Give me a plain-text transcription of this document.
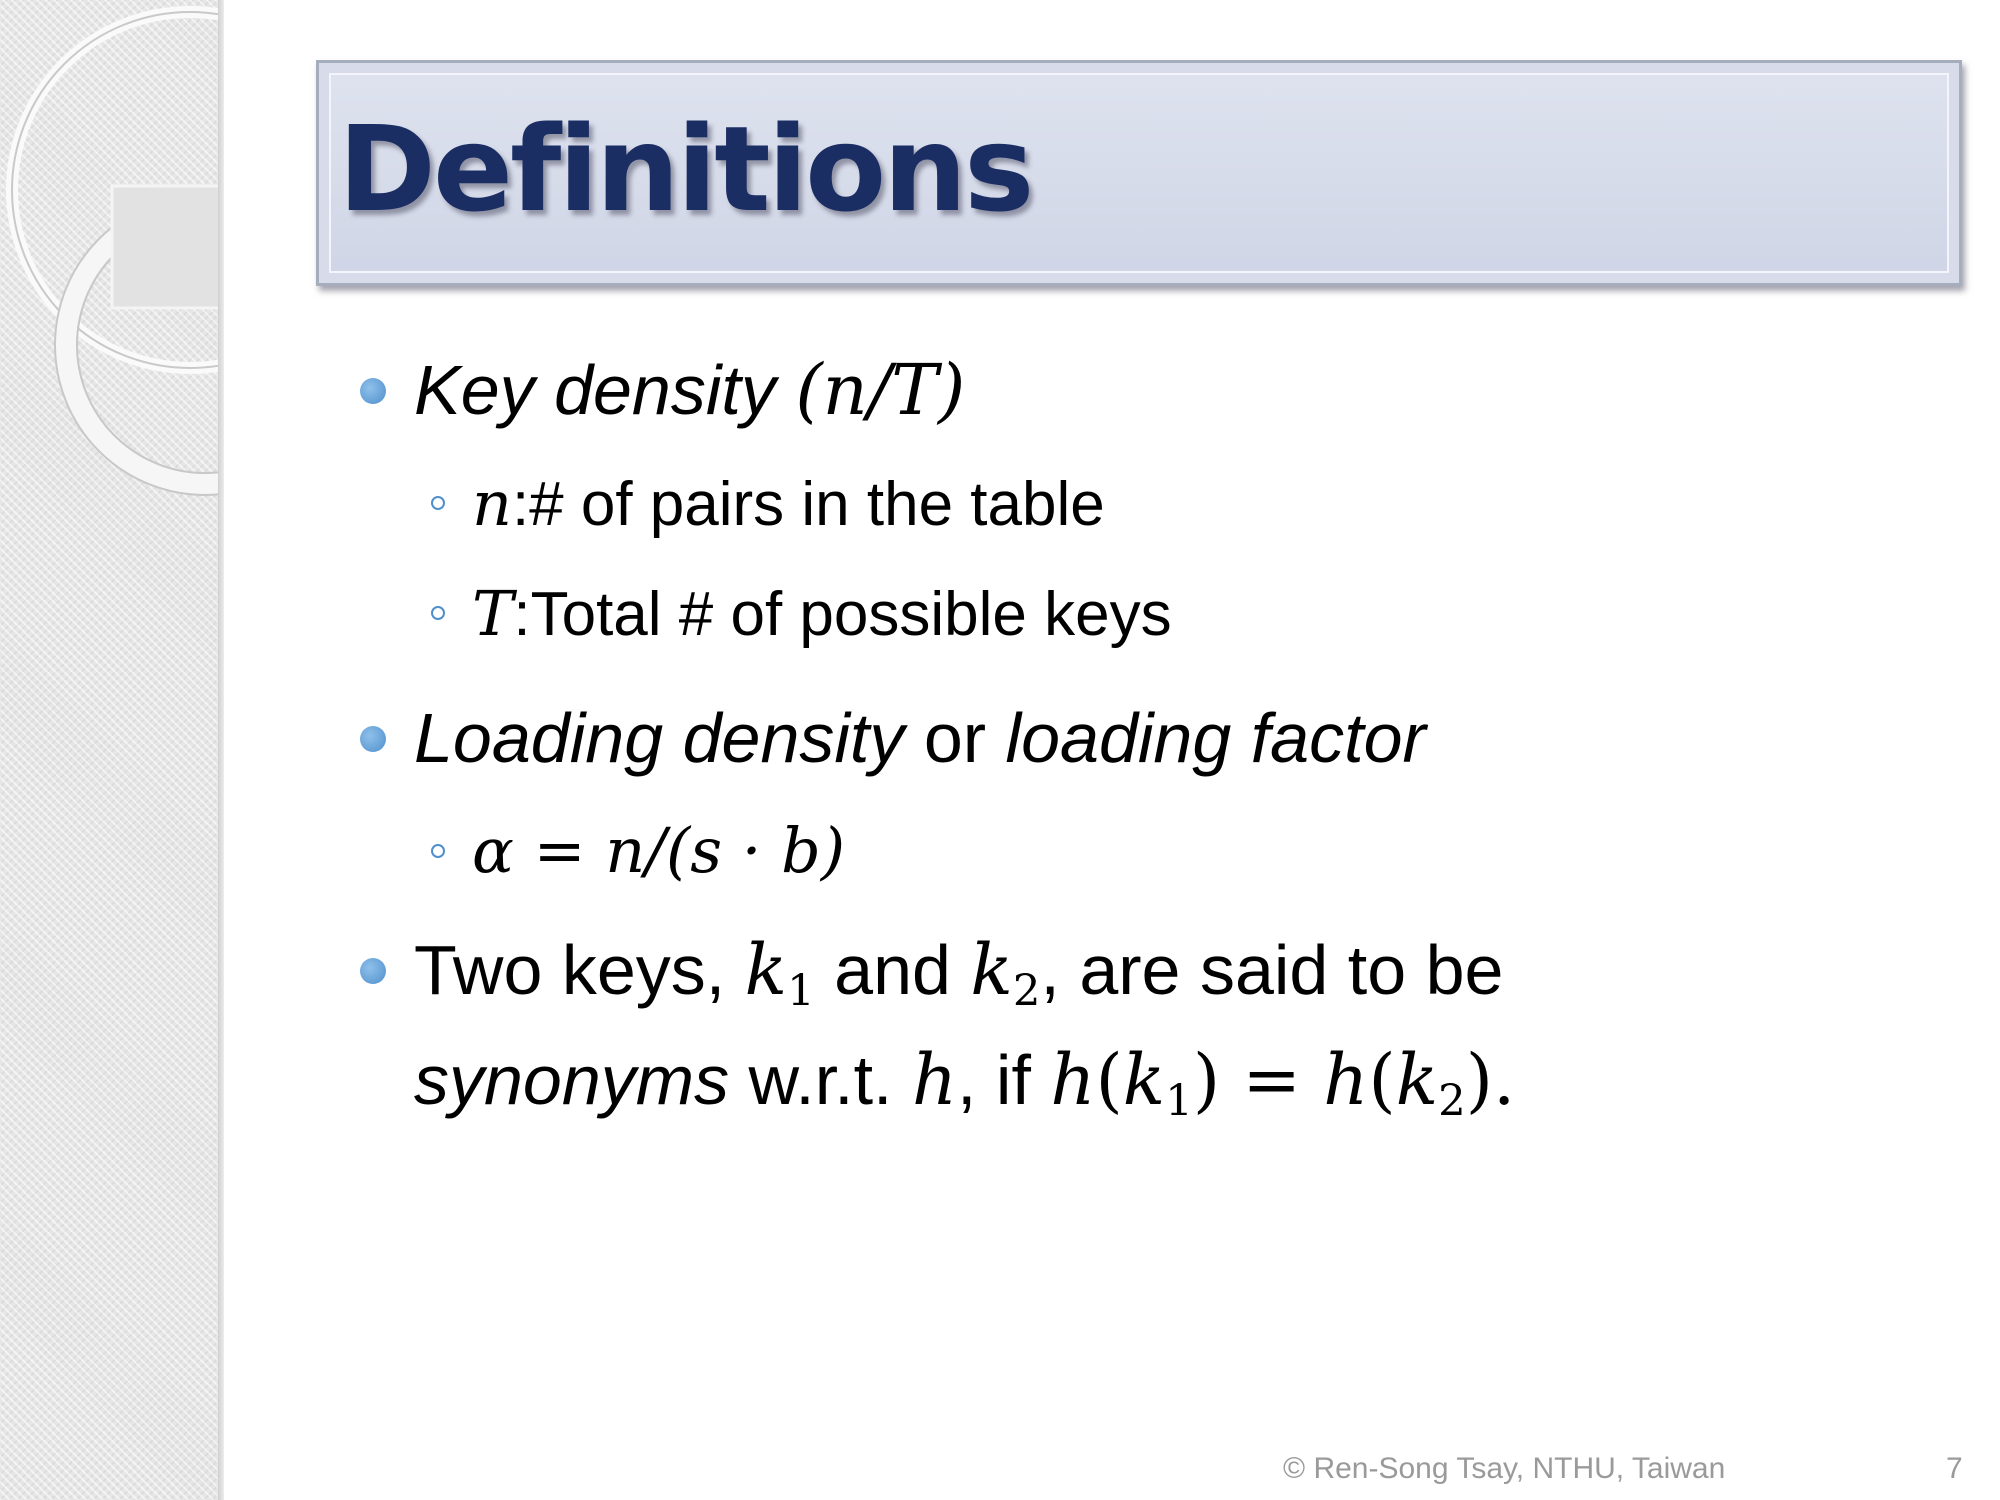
Definitions
Key density (n/T)
n:# of pairs in the table
T:Total # of possible keys
Loading density or loading factor
α = n/(s · b)
Two keys, $k_1$ and $k_2$, are said to be
synonyms w.r.t. h, if $h(k_1) = h(k_2)$.
© Ren-Song Tsay, NTHU, Taiwan	7
